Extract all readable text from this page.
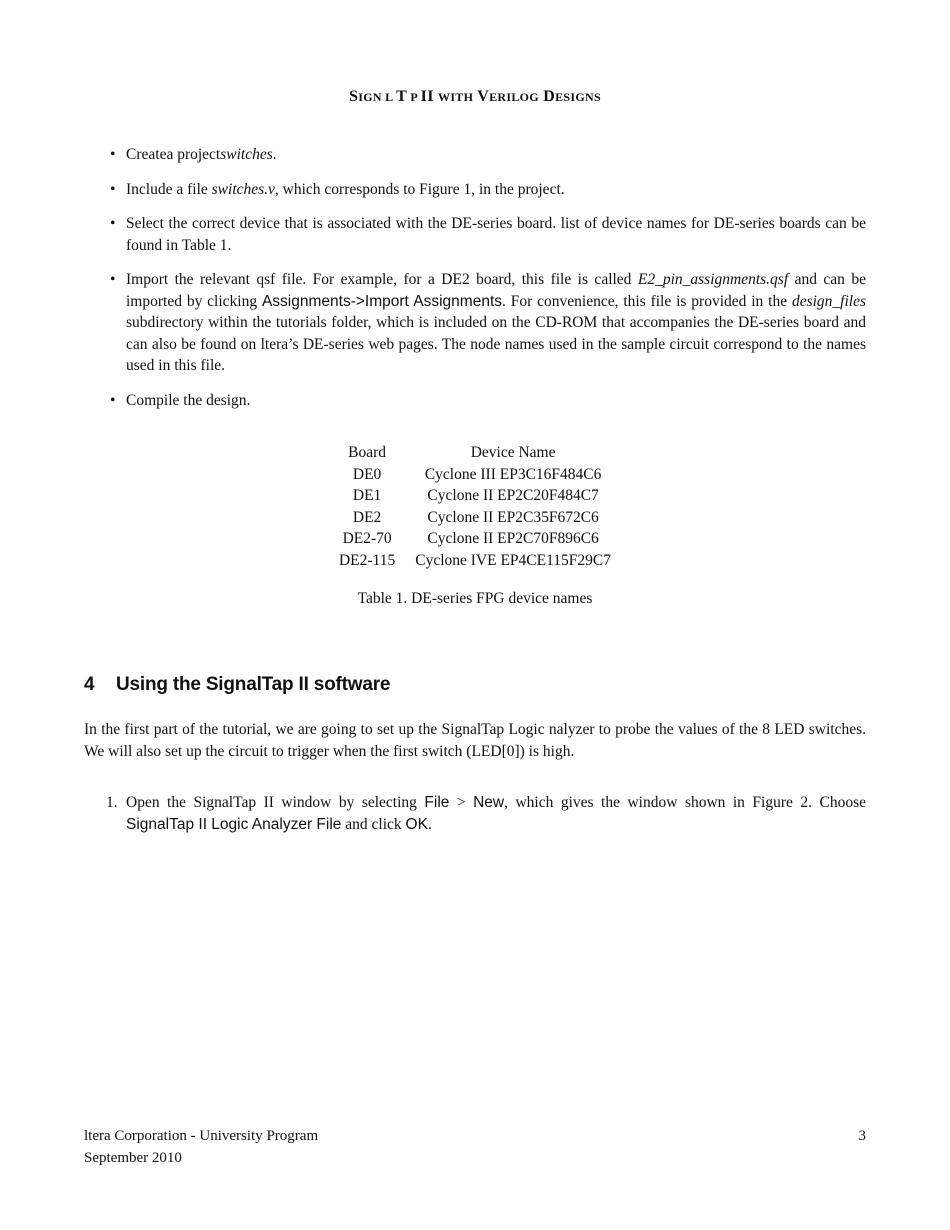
SIGN L T P II WITH VERILOG DESIGNS
• Createa projectswitches.
• Include a file switches.v, which corresponds to Figure 1, in the project.
• Select the correct device that is associated with the DE-series board. list of device names for DE-series boards can be found in Table 1.
• Import the relevant qsf file. For example, for a DE2 board, this file is called E2_pin_assignments.qsf and can be imported by clicking Assignments->Import Assignments. For convenience, this file is provided in the design_files subdirectory within the tutorials folder, which is included on the CD-ROM that accompanies the DE-series board and can also be found on ltera’s DE-series web pages. The node names used in the sample circuit correspond to the names used in this file.
• Compile the design.
Board	Device Name
DE0	Cyclone III EP3C16F484C6
DE1	Cyclone II EP2C20F484C7
DE2	Cyclone II EP2C35F672C6
DE2-70	Cyclone II EP2C70F896C6
DE2-115	Cyclone IVE EP4CE115F29C7
Table 1. DE-series FPG device names
4 Using the SignalTap II software
In the first part of the tutorial, we are going to set up the SignalTap Logic nalyzer to probe the values of the 8 LED switches. We will also set up the circuit to trigger when the first switch (LED[0]) is high.
1. Open the SignalTap II window by selecting File > New, which gives the window shown in Figure 2. Choose SignalTap II Logic Analyzer File and click OK.
ltera Corporation - University Program
September 2010
3
